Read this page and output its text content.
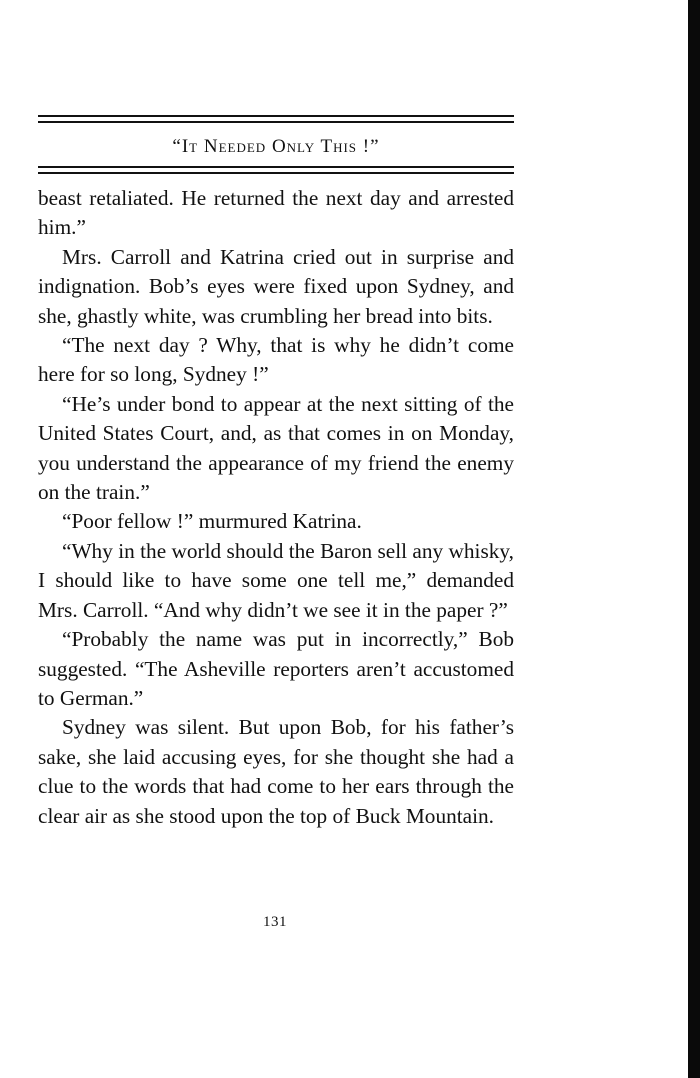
“It Needed Only This !”

beast retaliated. He returned the next day and arrested him.”

Mrs. Carroll and Katrina cried out in surprise and indignation. Bob’s eyes were fixed upon Sydney, and she, ghastly white, was crumbling her bread into bits.

“The next day ? Why, that is why he didn’t come here for so long, Sydney !”

“He’s under bond to appear at the next sitting of the United States Court, and, as that comes in on Monday, you understand the appearance of my friend the enemy on the train.”

“Poor fellow !” murmured Katrina.

“Why in the world should the Baron sell any whisky, I should like to have some one tell me,” demanded Mrs. Carroll. “And why didn’t we see it in the paper ?”

“Probably the name was put in incorrectly,” Bob suggested. “The Asheville reporters aren’t accustomed to German.”

Sydney was silent. But upon Bob, for his father’s sake, she laid accusing eyes, for she thought she had a clue to the words that had come to her ears through the clear air as she stood upon the top of Buck Mountain.

131
